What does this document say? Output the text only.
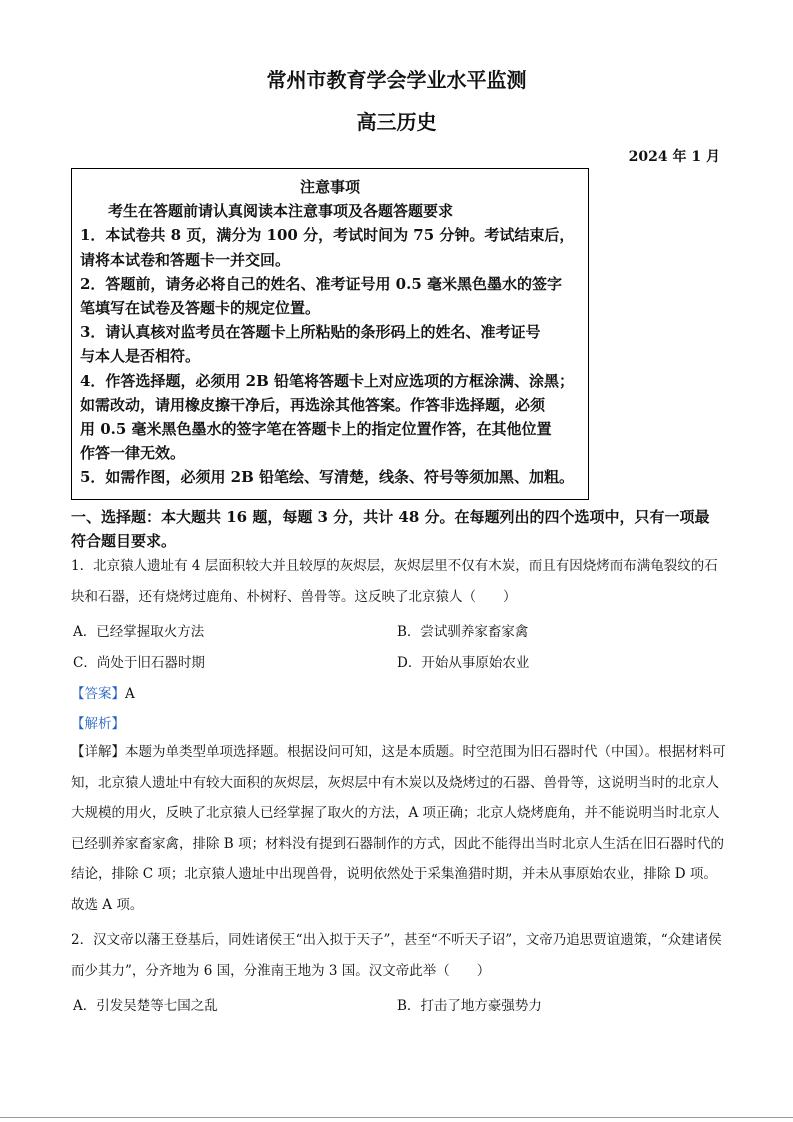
常州市教育学会学业水平监测
高三历史
2024 年 1 月
注意事项
考生在答题前请认真阅读本注意事项及各题答题要求
1．本试卷共 8 页，满分为 100 分，考试时间为 75 分钟。考试结束后，
请将本试卷和答题卡一并交回。
2．答题前，请务必将自己的姓名、准考证号用 0.5 毫米黑色墨水的签字
笔填写在试卷及答题卡的规定位置。
3．请认真核对监考员在答题卡上所粘贴的条形码上的姓名、准考证号
与本人是否相符。
4．作答选择题，必须用 2B 铅笔将答题卡上对应选项的方框涂满、涂黑；
如需改动，请用橡皮擦干净后，再选涂其他答案。作答非选择题，必须
用 0.5 毫米黑色墨水的签字笔在答题卡上的指定位置作答，在其他位置
作答一律无效。
5．如需作图，必须用 2B 铅笔绘、写清楚，线条、符号等须加黑、加粗。
一、选择题：本大题共 16 题，每题 3 分，共计 48 分。在每题列出的四个选项中，只有一项最符合题目要求。
1．北京猿人遗址有 4 层面积较大并且较厚的灰烬层，灰烬层里不仅有木炭，而且有因烧烤而布满龟裂纹的石块和石器，还有烧烤过鹿角、朴树籽、兽骨等。这反映了北京猿人（　　）
A．已经掌握取火方法	B．尝试驯养家畜家禽
C．尚处于旧石器时期	D．开始从事原始农业
【答案】A
【解析】
【详解】本题为单类型单项选择题。根据设问可知，这是本质题。时空范围为旧石器时代（中国）。根据材料可知，北京猿人遗址中有较大面积的灰烬层，灰烬层中有木炭以及烧烤过的石器、兽骨等，这说明当时的北京人大规模的用火，反映了北京猿人已经掌握了取火的方法，A 项正确；北京人烧烤鹿角，并不能说明当时北京人已经驯养家畜家禽，排除 B 项；材料没有提到石器制作的方式，因此不能得出当时北京人生活在旧石器时代的结论，排除 C 项；北京猿人遗址中出现兽骨，说明依然处于采集渔猎时期，并未从事原始农业，排除 D 项。故选 A 项。
2．汉文帝以藩王登基后，同姓诸侯王“出入拟于天子”，甚至“不听天子诏”，文帝乃追思贾谊遗策，“众建诸侯而少其力”，分齐地为 6 国，分淮南王地为 3 国。汉文帝此举（　　）
A．引发吴楚等七国之乱	B．打击了地方豪强势力
